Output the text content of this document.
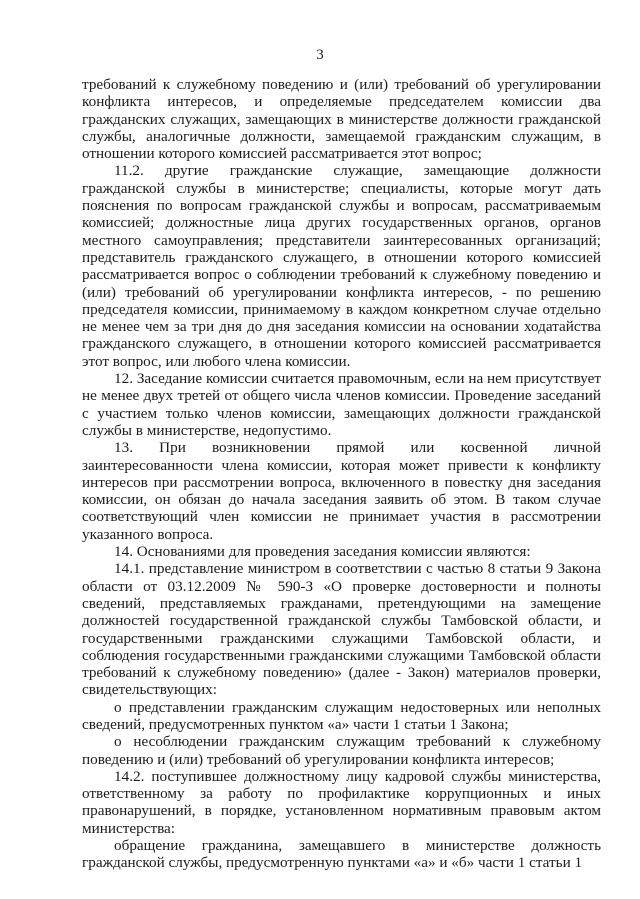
3

требований к служебному поведению и (или) требований об урегулировании конфликта интересов, и определяемые председателем комиссии два гражданских служащих, замещающих в министерстве должности гражданской службы, аналогичные должности, замещаемой гражданским служащим, в отношении которого комиссией рассматривается этот вопрос;

11.2. другие гражданские служащие, замещающие должности гражданской службы в министерстве; специалисты, которые могут дать пояснения по вопросам гражданской службы и вопросам, рассматриваемым комиссией; должностные лица других государственных органов, органов местного самоуправления; представители заинтересованных организаций; представитель гражданского служащего, в отношении которого комиссией рассматривается вопрос о соблюдении требований к служебному поведению и (или) требований об урегулировании конфликта интересов, - по решению председателя комиссии, принимаемому в каждом конкретном случае отдельно не менее чем за три дня до дня заседания комиссии на основании ходатайства гражданского служащего, в отношении которого комиссией рассматривается этот вопрос, или любого члена комиссии.

12. Заседание комиссии считается правомочным, если на нем присутствует не менее двух третей от общего числа членов комиссии. Проведение заседаний с участием только членов комиссии, замещающих должности гражданской службы в министерстве, недопустимо.

13. При возникновении прямой или косвенной личной заинтересованности члена комиссии, которая может привести к конфликту интересов при рассмотрении вопроса, включенного в повестку дня заседания комиссии, он обязан до начала заседания заявить об этом. В таком случае соответствующий член комиссии не принимает участия в рассмотрении указанного вопроса.

14. Основаниями для проведения заседания комиссии являются:

14.1. представление министром в соответствии с частью 8 статьи 9 Закона области от 03.12.2009 № 590-З «О проверке достоверности и полноты сведений, представляемых гражданами, претендующими на замещение должностей государственной гражданской службы Тамбовской области, и государственными гражданскими служащими Тамбовской области, и соблюдения государственными гражданскими служащими Тамбовской области требований к служебному поведению» (далее - Закон) материалов проверки, свидетельствующих:

о представлении гражданским служащим недостоверных или неполных сведений, предусмотренных пунктом «а» части 1 статьи 1 Закона;

о несоблюдении гражданским служащим требований к служебному поведению и (или) требований об урегулировании конфликта интересов;

14.2. поступившее должностному лицу кадровой службы министерства, ответственному за работу по профилактике коррупционных и иных правонарушений, в порядке, установленном нормативным правовым актом министерства:

обращение гражданина, замещавшего в министерстве должность гражданской службы, предусмотренную пунктами «а» и «б» части 1 статьи 1
